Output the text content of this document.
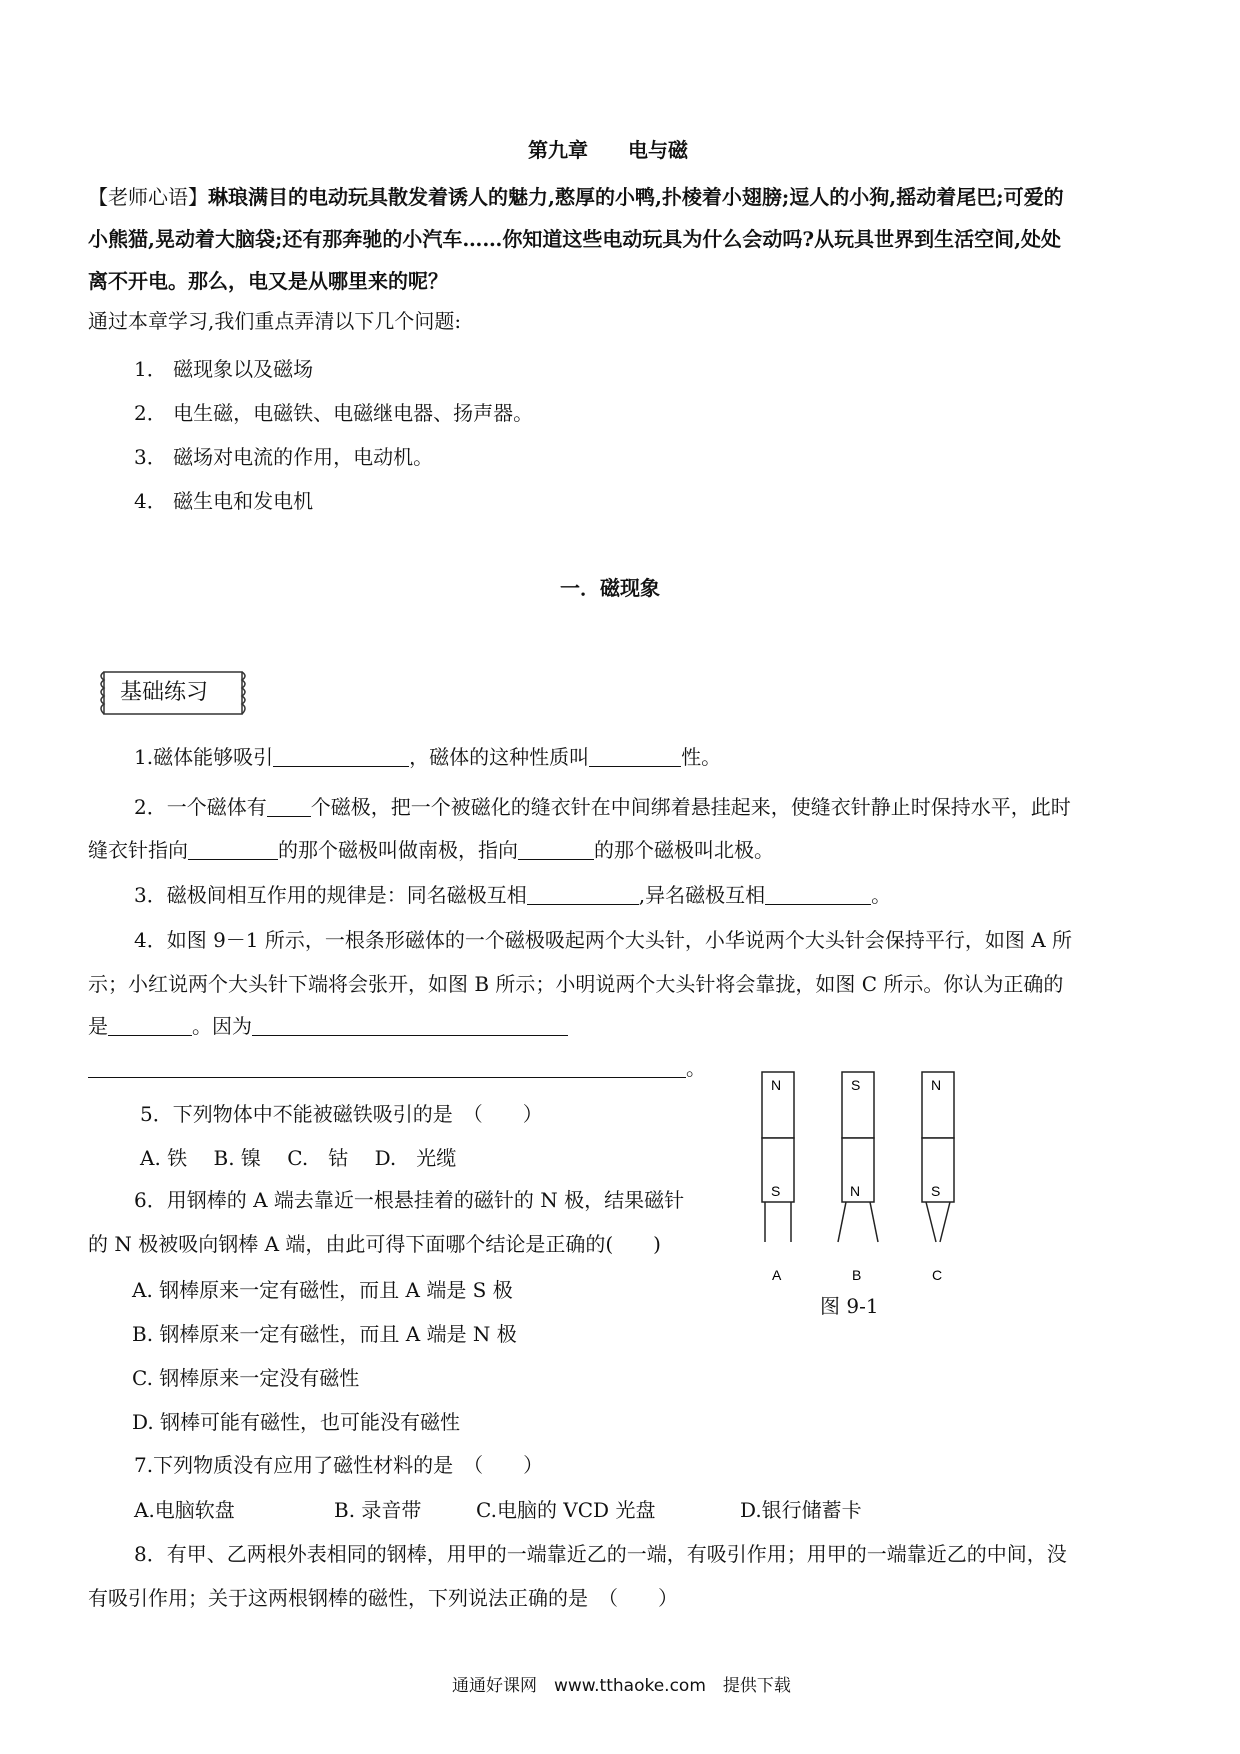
第九章　　电与磁
【老师心语】琳琅满目的电动玩具散发着诱人的魅力,憨厚的小鸭,扑棱着小翅膀;逗人的小狗,摇动着尾巴;可爱的
小熊猫,晃动着大脑袋;还有那奔驰的小汽车……你知道这些电动玩具为什么会动吗?从玩具世界到生活空间,处处
离不开电。那么，电又是从哪里来的呢？
通过本章学习,我们重点弄清以下几个问题:
1． 磁现象以及磁场
2． 电生磁，电磁铁、电磁继电器、扬声器。
3． 磁场对电流的作用，电动机。
4． 磁生电和发电机
一．磁现象
基础练习
1.磁体能够吸引	，磁体的这种性质叫	性。
2．一个磁体有 个磁极，把一个被磁化的缝衣针在中间绑着悬挂起来，使缝衣针静止时保持水平，此时
缝衣针指向	的那个磁极叫做南极，指向	的那个磁极叫北极。
3．磁极间相互作用的规律是：同名磁极互相	,异名磁极互相	。
4．如图 9－1 所示，一根条形磁体的一个磁极吸起两个大头针，小华说两个大头针会保持平行，如图 A 所
示；小红说两个大头针下端将会张开，如图 B 所示；小明说两个大头针将会靠拢，如图 C 所示。你认为正确的
是	。因为
。
5．下列物体中不能被磁铁吸引的是　（　　）
A. 铁　 B. 镍　 C.　钴　 D.　光缆
6．用钢棒的 A 端去靠近一根悬挂着的磁针的 N 极，结果磁针
的 N 极被吸向钢棒 A 端，由此可得下面哪个结论是正确的(　　)
A. 钢棒原来一定有磁性，而且 A 端是 S 极
B. 钢棒原来一定有磁性，而且 A 端是 N 极
C. 钢棒原来一定没有磁性
D. 钢棒可能有磁性，也可能没有磁性
7.下列物质没有应用了磁性材料的是　（　　）
A.电脑软盘	B. 录音带	C.电脑的 VCD 光盘	D.银行储蓄卡
8．有甲、乙两根外表相同的钢棒，用甲的一端靠近乙的一端，有吸引作用；用甲的一端靠近乙的中间，没
有吸引作用；关于这两根钢棒的磁性，下列说法正确的是　（　　）
N
S
A
S
N
B
N
S
C
图 9-1
通通好课网　www.tthaoke.com　提供下载
